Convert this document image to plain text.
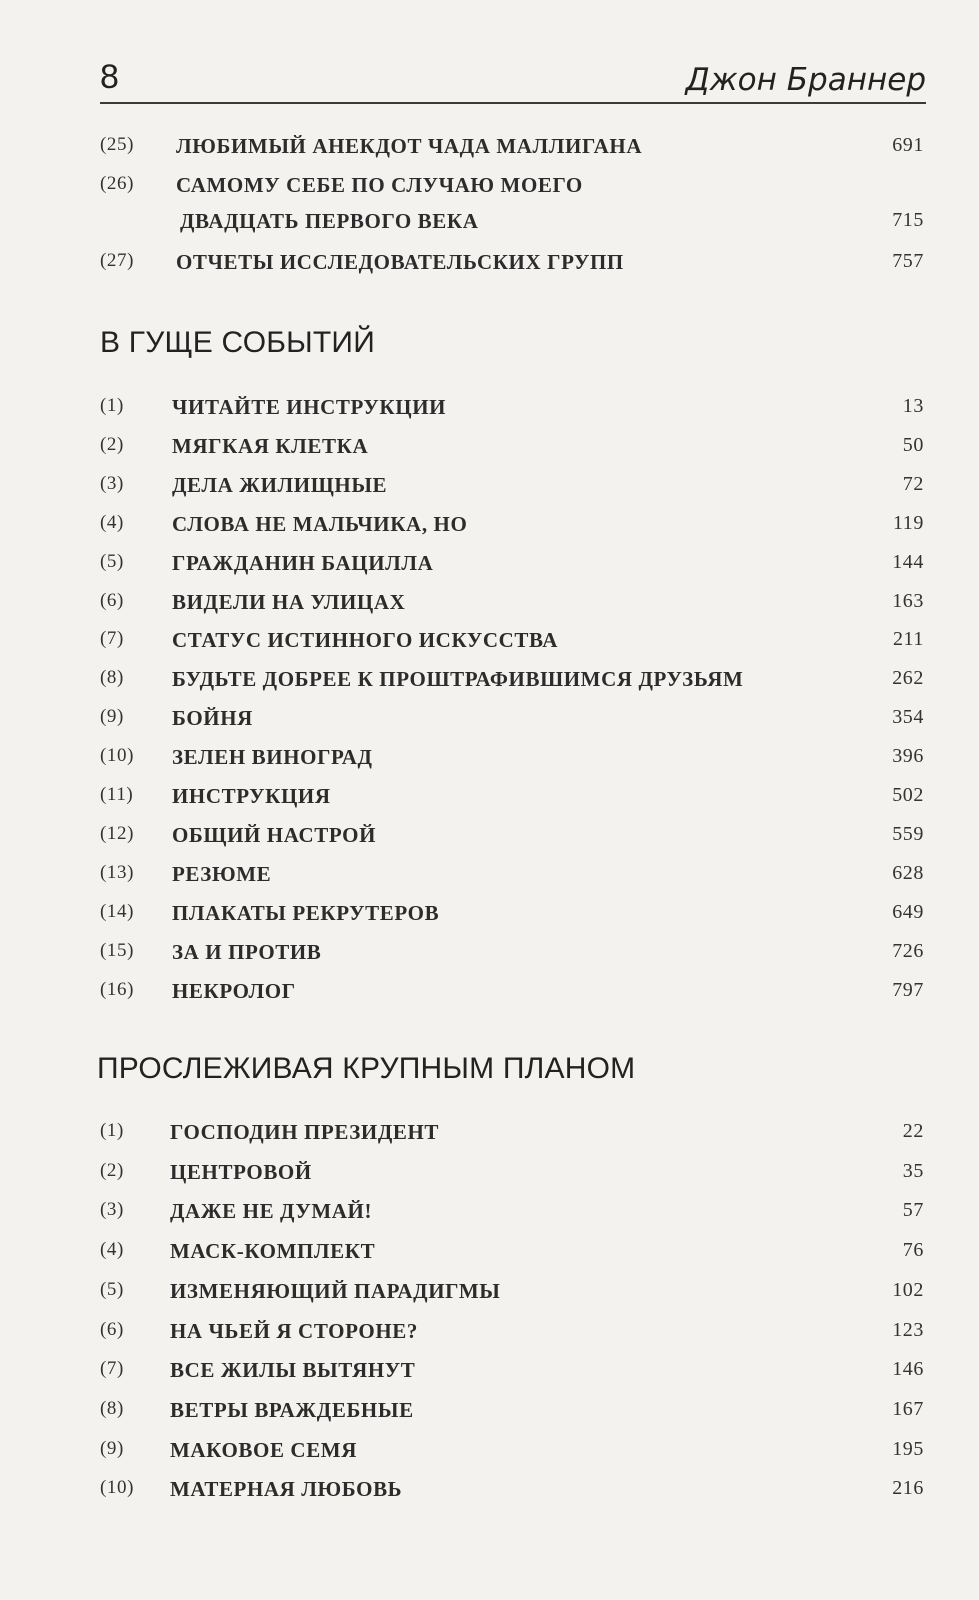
8	Джон Браннер
(25) ЛЮБИМЫЙ АНЕКДОТ ЧАДА МАЛЛИГАНА	691
(26) САМОМУ СЕБЕ ПО СЛУЧАЮ МОЕГО
ДВАДЦАТЬ ПЕРВОГО ВЕКА	715
(27) ОТЧЕТЫ ИССЛЕДОВАТЕЛЬСКИХ ГРУПП	757
В ГУЩЕ СОБЫТИЙ
(1) ЧИТАЙТЕ ИНСТРУКЦИИ	13
(2) МЯГКАЯ КЛЕТКА	50
(3) ДЕЛА ЖИЛИЩНЫЕ	72
(4) СЛОВА НЕ МАЛЬЧИКА, НО	119
(5) ГРАЖДАНИН БАЦИЛЛА	144
(6) ВИДЕЛИ НА УЛИЦАХ	163
(7) СТАТУС ИСТИННОГО ИСКУССТВА	211
(8) БУДЬТЕ ДОБРЕЕ К ПРОШТРАФИВШИМСЯ ДРУЗЬЯМ	262
(9) БОЙНЯ	354
(10) ЗЕЛЕН ВИНОГРАД	396
(11) ИНСТРУКЦИЯ	502
(12) ОБЩИЙ НАСТРОЙ	559
(13) РЕЗЮМЕ	628
(14) ПЛАКАТЫ РЕКРУТЕРОВ	649
(15) ЗА И ПРОТИВ	726
(16) НЕКРОЛОГ	797
ПРОСЛЕЖИВАЯ КРУПНЫМ ПЛАНОМ
(1) ГОСПОДИН ПРЕЗИДЕНТ	22
(2) ЦЕНТРОВОЙ	35
(3) ДАЖЕ НЕ ДУМАЙ!	57
(4) МАСК-КОМПЛЕКТ	76
(5) ИЗМЕНЯЮЩИЙ ПАРАДИГМЫ	102
(6) НА ЧЬЕЙ Я СТОРОНЕ?	123
(7) ВСЕ ЖИЛЫ ВЫТЯНУТ	146
(8) ВЕТРЫ ВРАЖДЕБНЫЕ	167
(9) МАКОВОЕ СЕМЯ	195
(10) МАТЕРНАЯ ЛЮБОВЬ	216
